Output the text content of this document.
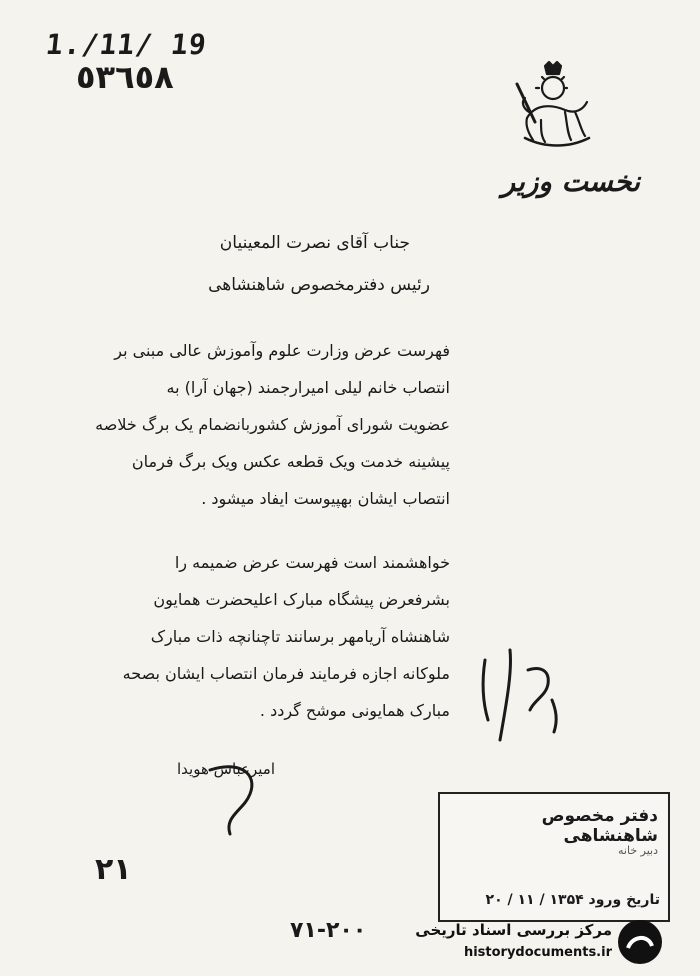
1./11/ 19
٥٣٦٥٨
نخست وزیر
جناب آقای نصرت المعینیان
رئیس دفترمخصوص شاهنشاهی
فهرست عرض وزارت علوم وآموزش عالی مبنی بر
انتصاب خانم لیلی امیرارجمند (جهان آرا) به
عضویت شورای آموزش کشوربانضمام یک برگ خلاصه
پیشینه خدمت ویک قطعه عکس ویک برگ فرمان
انتصاب ایشان بهپیوست ایفاد میشود .
خواهشمند است فهرست عرض ضمیمه را
بشرفعرض پیشگاه مبارک اعلیحضرت همایون
شاهنشاه آریامهر برسانند تاچنانچه ذات مبارک
ملوکانه اجازه فرمایند فرمان انتصاب ایشان بصحه
مبارک همایونی موشح گردد .
امیرعباس هویدا
٢١
دفتر مخصوص شاهنشاهی
دبیر خانه
تاریخ ورود ۱۳۵۴ / ۱۱ / ۲۰
٢٠٠-٧١	مرکز بررسی اسناد تاریخی
historydocuments.ir
